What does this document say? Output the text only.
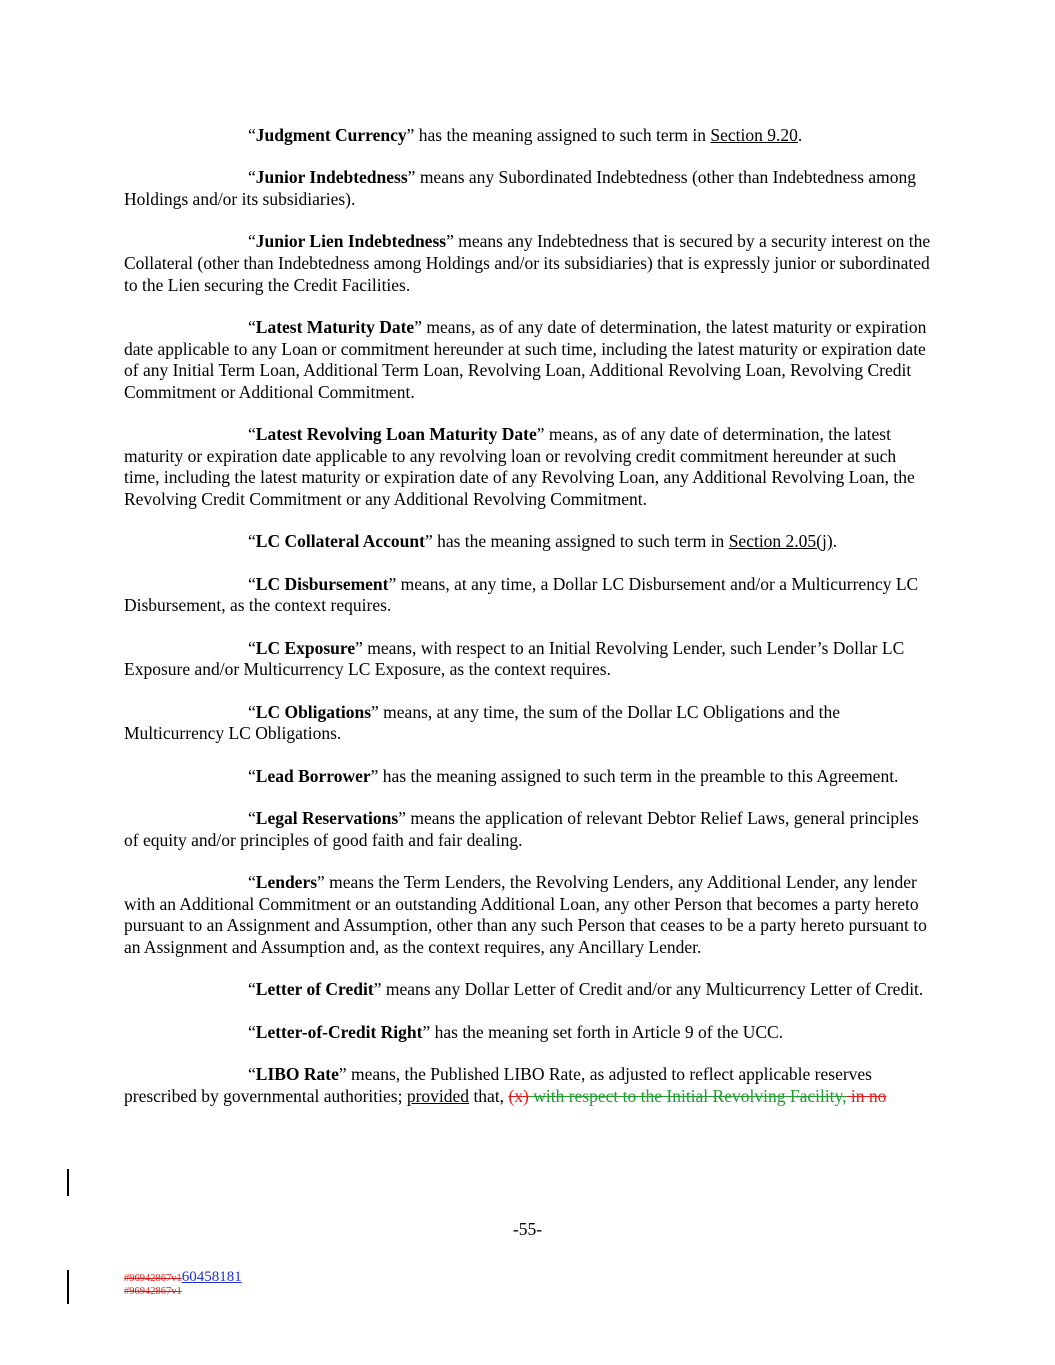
“Judgment Currency” has the meaning assigned to such term in Section 9.20.

“Junior Indebtedness” means any Subordinated Indebtedness (other than Indebtedness among Holdings and/or its subsidiaries).

“Junior Lien Indebtedness” means any Indebtedness that is secured by a security interest on the Collateral (other than Indebtedness among Holdings and/or its subsidiaries) that is expressly junior or subordinated to the Lien securing the Credit Facilities.

“Latest Maturity Date” means, as of any date of determination, the latest maturity or expiration date applicable to any Loan or commitment hereunder at such time, including the latest maturity or expiration date of any Initial Term Loan, Additional Term Loan, Revolving Loan, Additional Revolving Loan, Revolving Credit Commitment or Additional Commitment.

“Latest Revolving Loan Maturity Date” means, as of any date of determination, the latest maturity or expiration date applicable to any revolving loan or revolving credit commitment hereunder at such time, including the latest maturity or expiration date of any Revolving Loan, any Additional Revolving Loan, the Revolving Credit Commitment or any Additional Revolving Commitment.

“LC Collateral Account” has the meaning assigned to such term in Section 2.05(j).

“LC Disbursement” means, at any time, a Dollar LC Disbursement and/or a Multicurrency LC Disbursement, as the context requires.

“LC Exposure” means, with respect to an Initial Revolving Lender, such Lender’s Dollar LC Exposure and/or Multicurrency LC Exposure, as the context requires.

“LC Obligations” means, at any time, the sum of the Dollar LC Obligations and the Multicurrency LC Obligations.

“Lead Borrower” has the meaning assigned to such term in the preamble to this Agreement.

“Legal Reservations” means the application of relevant Debtor Relief Laws, general principles of equity and/or principles of good faith and fair dealing.

“Lenders” means the Term Lenders, the Revolving Lenders, any Additional Lender, any lender with an Additional Commitment or an outstanding Additional Loan, any other Person that becomes a party hereto pursuant to an Assignment and Assumption, other than any such Person that ceases to be a party hereto pursuant to an Assignment and Assumption and, as the context requires, any Ancillary Lender.

“Letter of Credit” means any Dollar Letter of Credit and/or any Multicurrency Letter of Credit.

“Letter-of-Credit Right” has the meaning set forth in Article 9 of the UCC.

“LIBO Rate” means, the Published LIBO Rate, as adjusted to reflect applicable reserves prescribed by governmental authorities; provided that, (x) with respect to the Initial Revolving Facility, in no

-55-
#96942867v160458181
#96942867v1
